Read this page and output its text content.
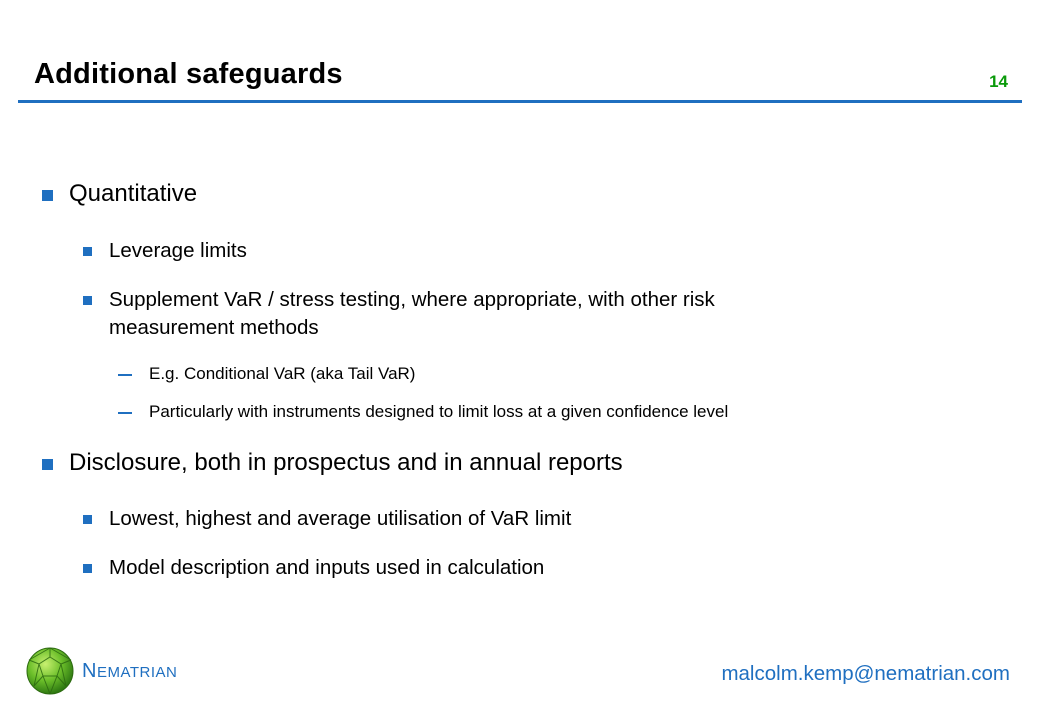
Additional safeguards	14
Quantitative
Leverage limits
Supplement VaR / stress testing, where appropriate, with other risk
measurement methods
E.g. Conditional VaR (aka Tail VaR)
Particularly with instruments designed to limit loss at a given confidence level
Disclosure, both in prospectus and in annual reports
Lowest, highest and average utilisation of VaR limit
Model description and inputs used in calculation
NEMATRIAN	malcolm.kemp@nematrian.com
